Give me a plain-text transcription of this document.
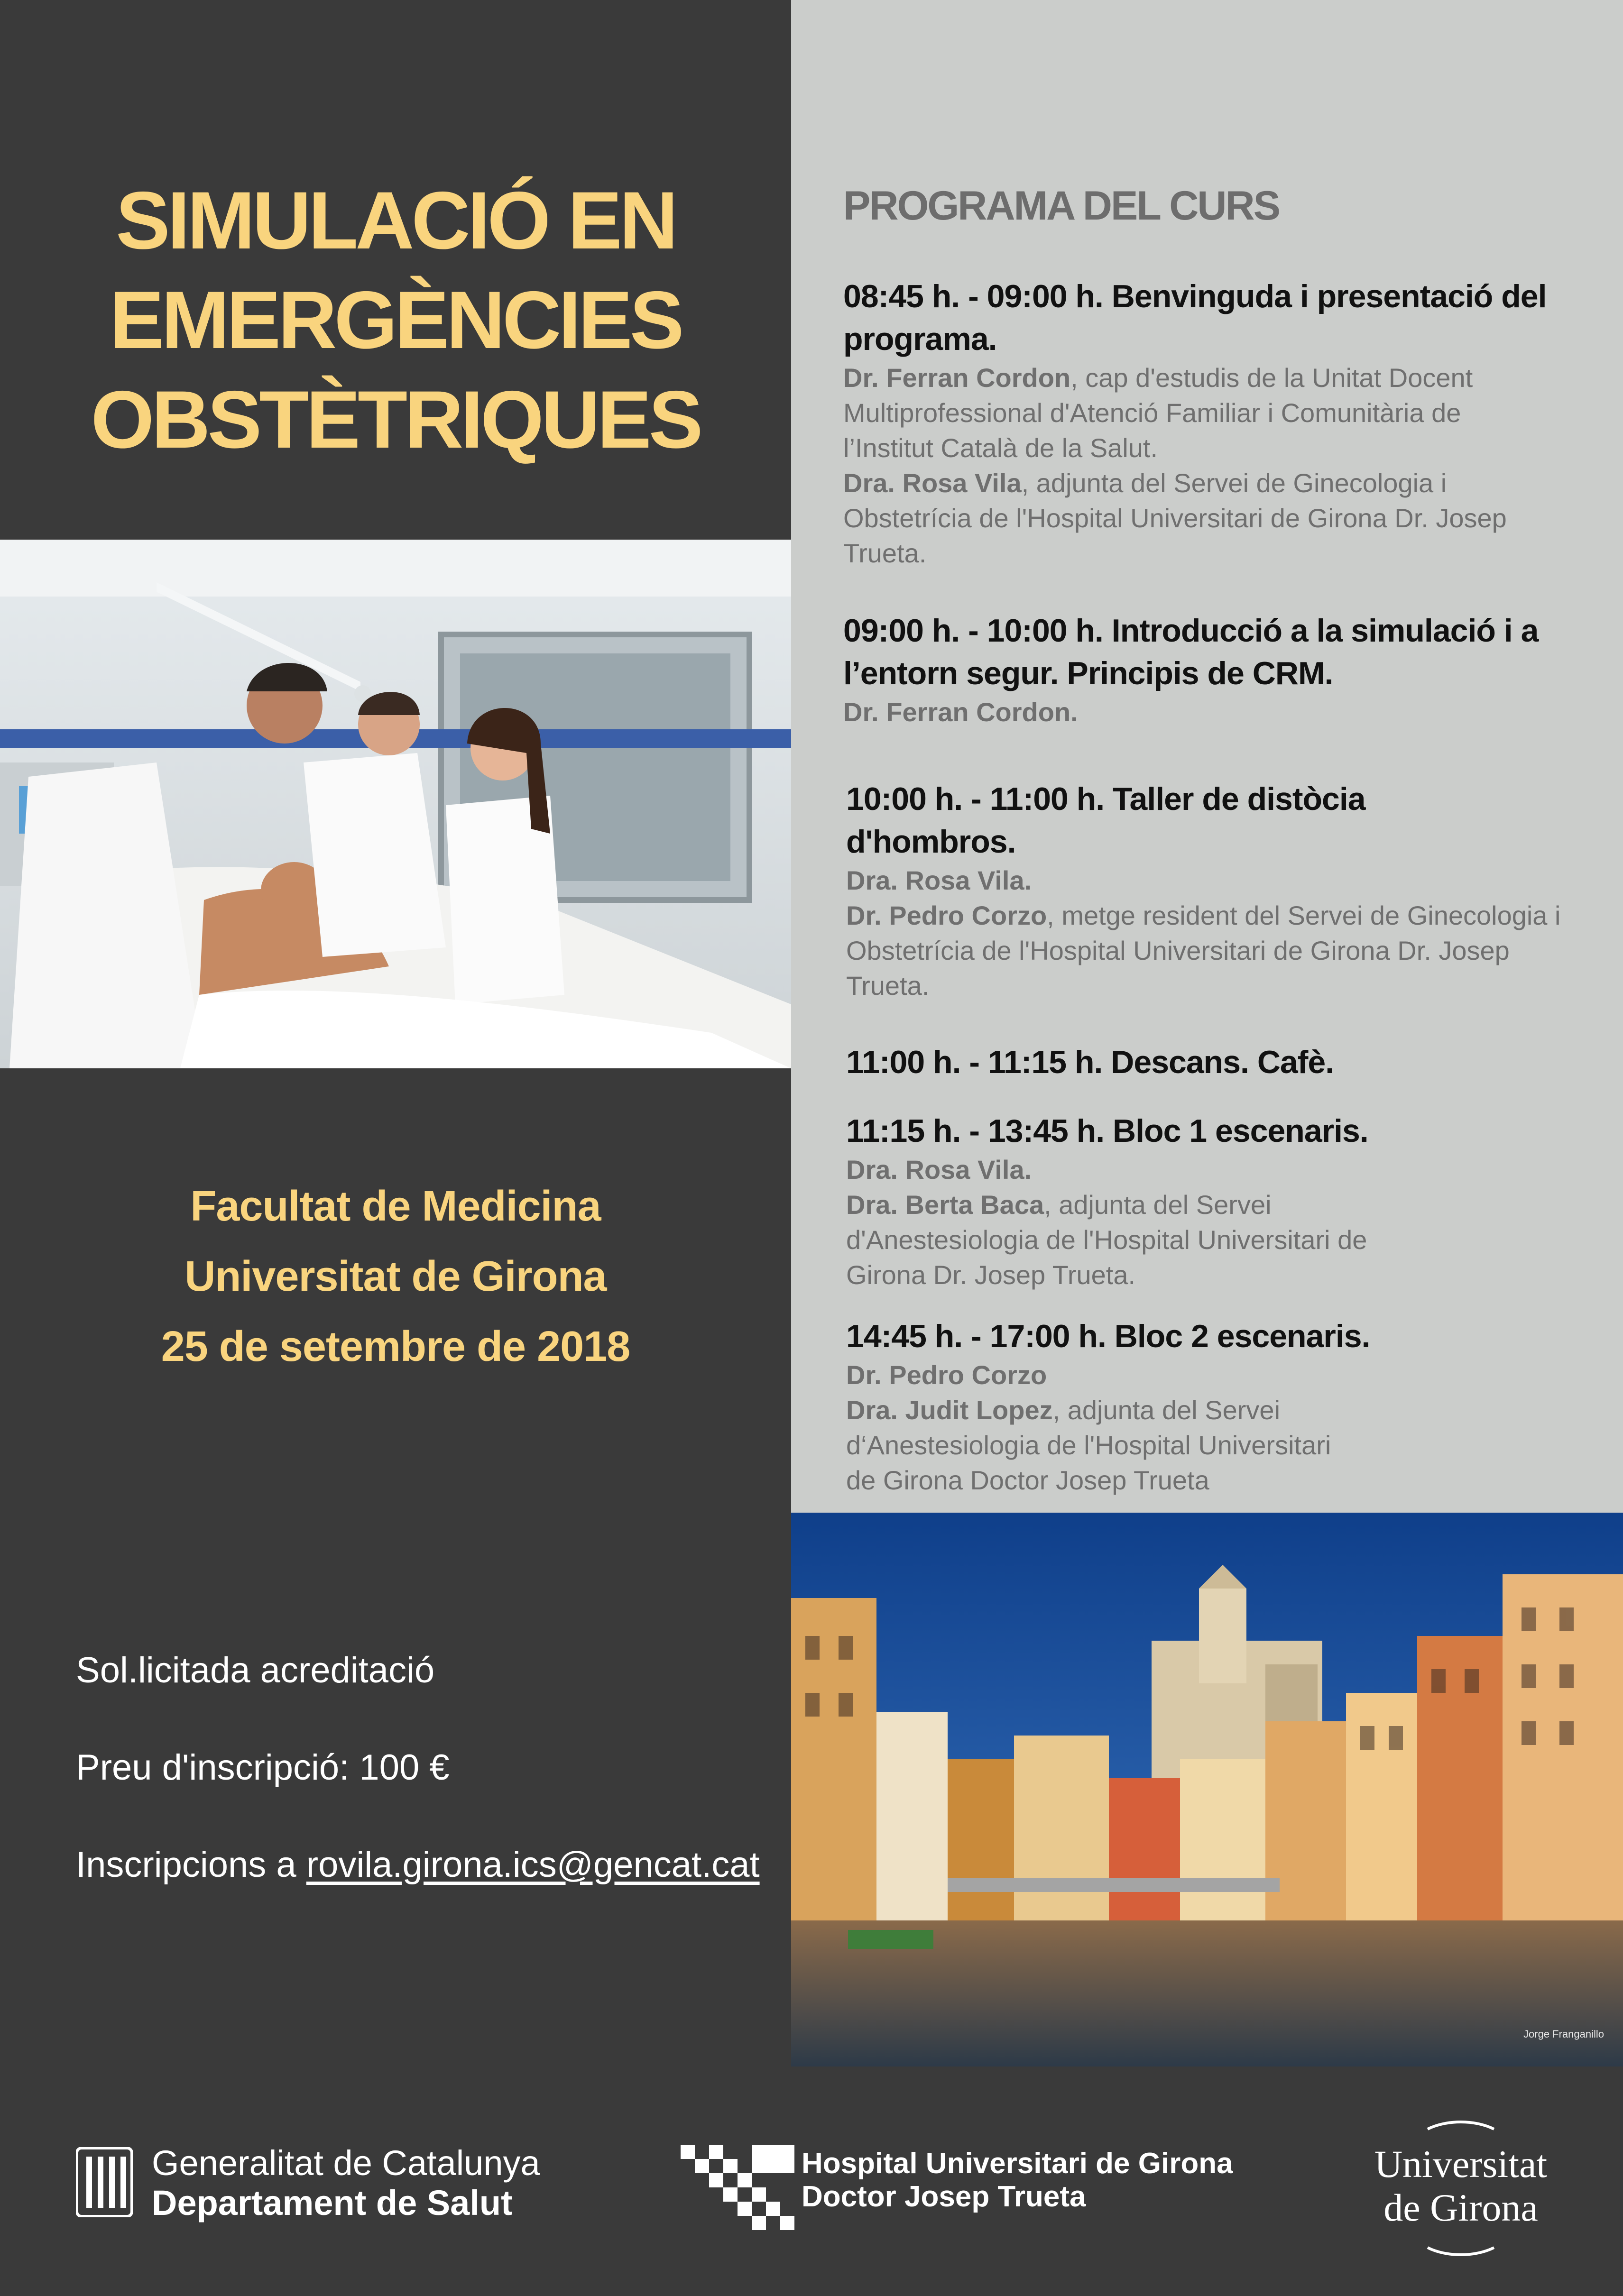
SIMULACIÓ EN
EMERGÈNCIES
OBSTÈTRIQUES
Facultat de Medicina
Universitat de Girona
25 de setembre de 2018
Sol.licitada acreditació
Preu d'inscripció: 100 €
Inscripcions a rovila.girona.ics@gencat.cat
PROGRAMA DEL CURS
08:45 h. - 09:00 h. Benvinguda i presentació del
programa.
Dr. Ferran Cordon, cap d'estudis de la Unitat Docent
Multiprofessional d'Atenció Familiar i Comunitària de
l’Institut Català de la Salut.
Dra. Rosa Vila, adjunta del Servei de Ginecologia i
Obstetrícia de l'Hospital Universitari de Girona Dr. Josep
Trueta.
09:00 h. - 10:00 h. Introducció a la simulació i a
l’entorn segur. Principis de CRM.
Dr. Ferran Cordon.
10:00 h. - 11:00 h. Taller de distòcia
d'hombros.
Dra. Rosa Vila.
Dr. Pedro Corzo, metge resident del Servei de Ginecologia i
Obstetrícia de l'Hospital Universitari de Girona Dr. Josep
Trueta.
11:00 h. - 11:15 h. Descans. Cafè.
11:15 h. - 13:45 h. Bloc 1 escenaris.
Dra. Rosa Vila.
Dra. Berta Baca, adjunta del Servei
d'Anestesiologia de l'Hospital Universitari de
Girona Dr. Josep Trueta.
14:45 h. - 17:00 h. Bloc 2 escenaris.
Dr. Pedro Corzo
Dra. Judit Lopez, adjunta del Servei
d‘Anestesiologia de l'Hospital Universitari
de Girona Doctor Josep Trueta
Jorge Franganillo
Generalitat de Catalunya
Departament de Salut
Hospital Universitari de Girona
Doctor Josep Trueta
Universitat
de Girona
